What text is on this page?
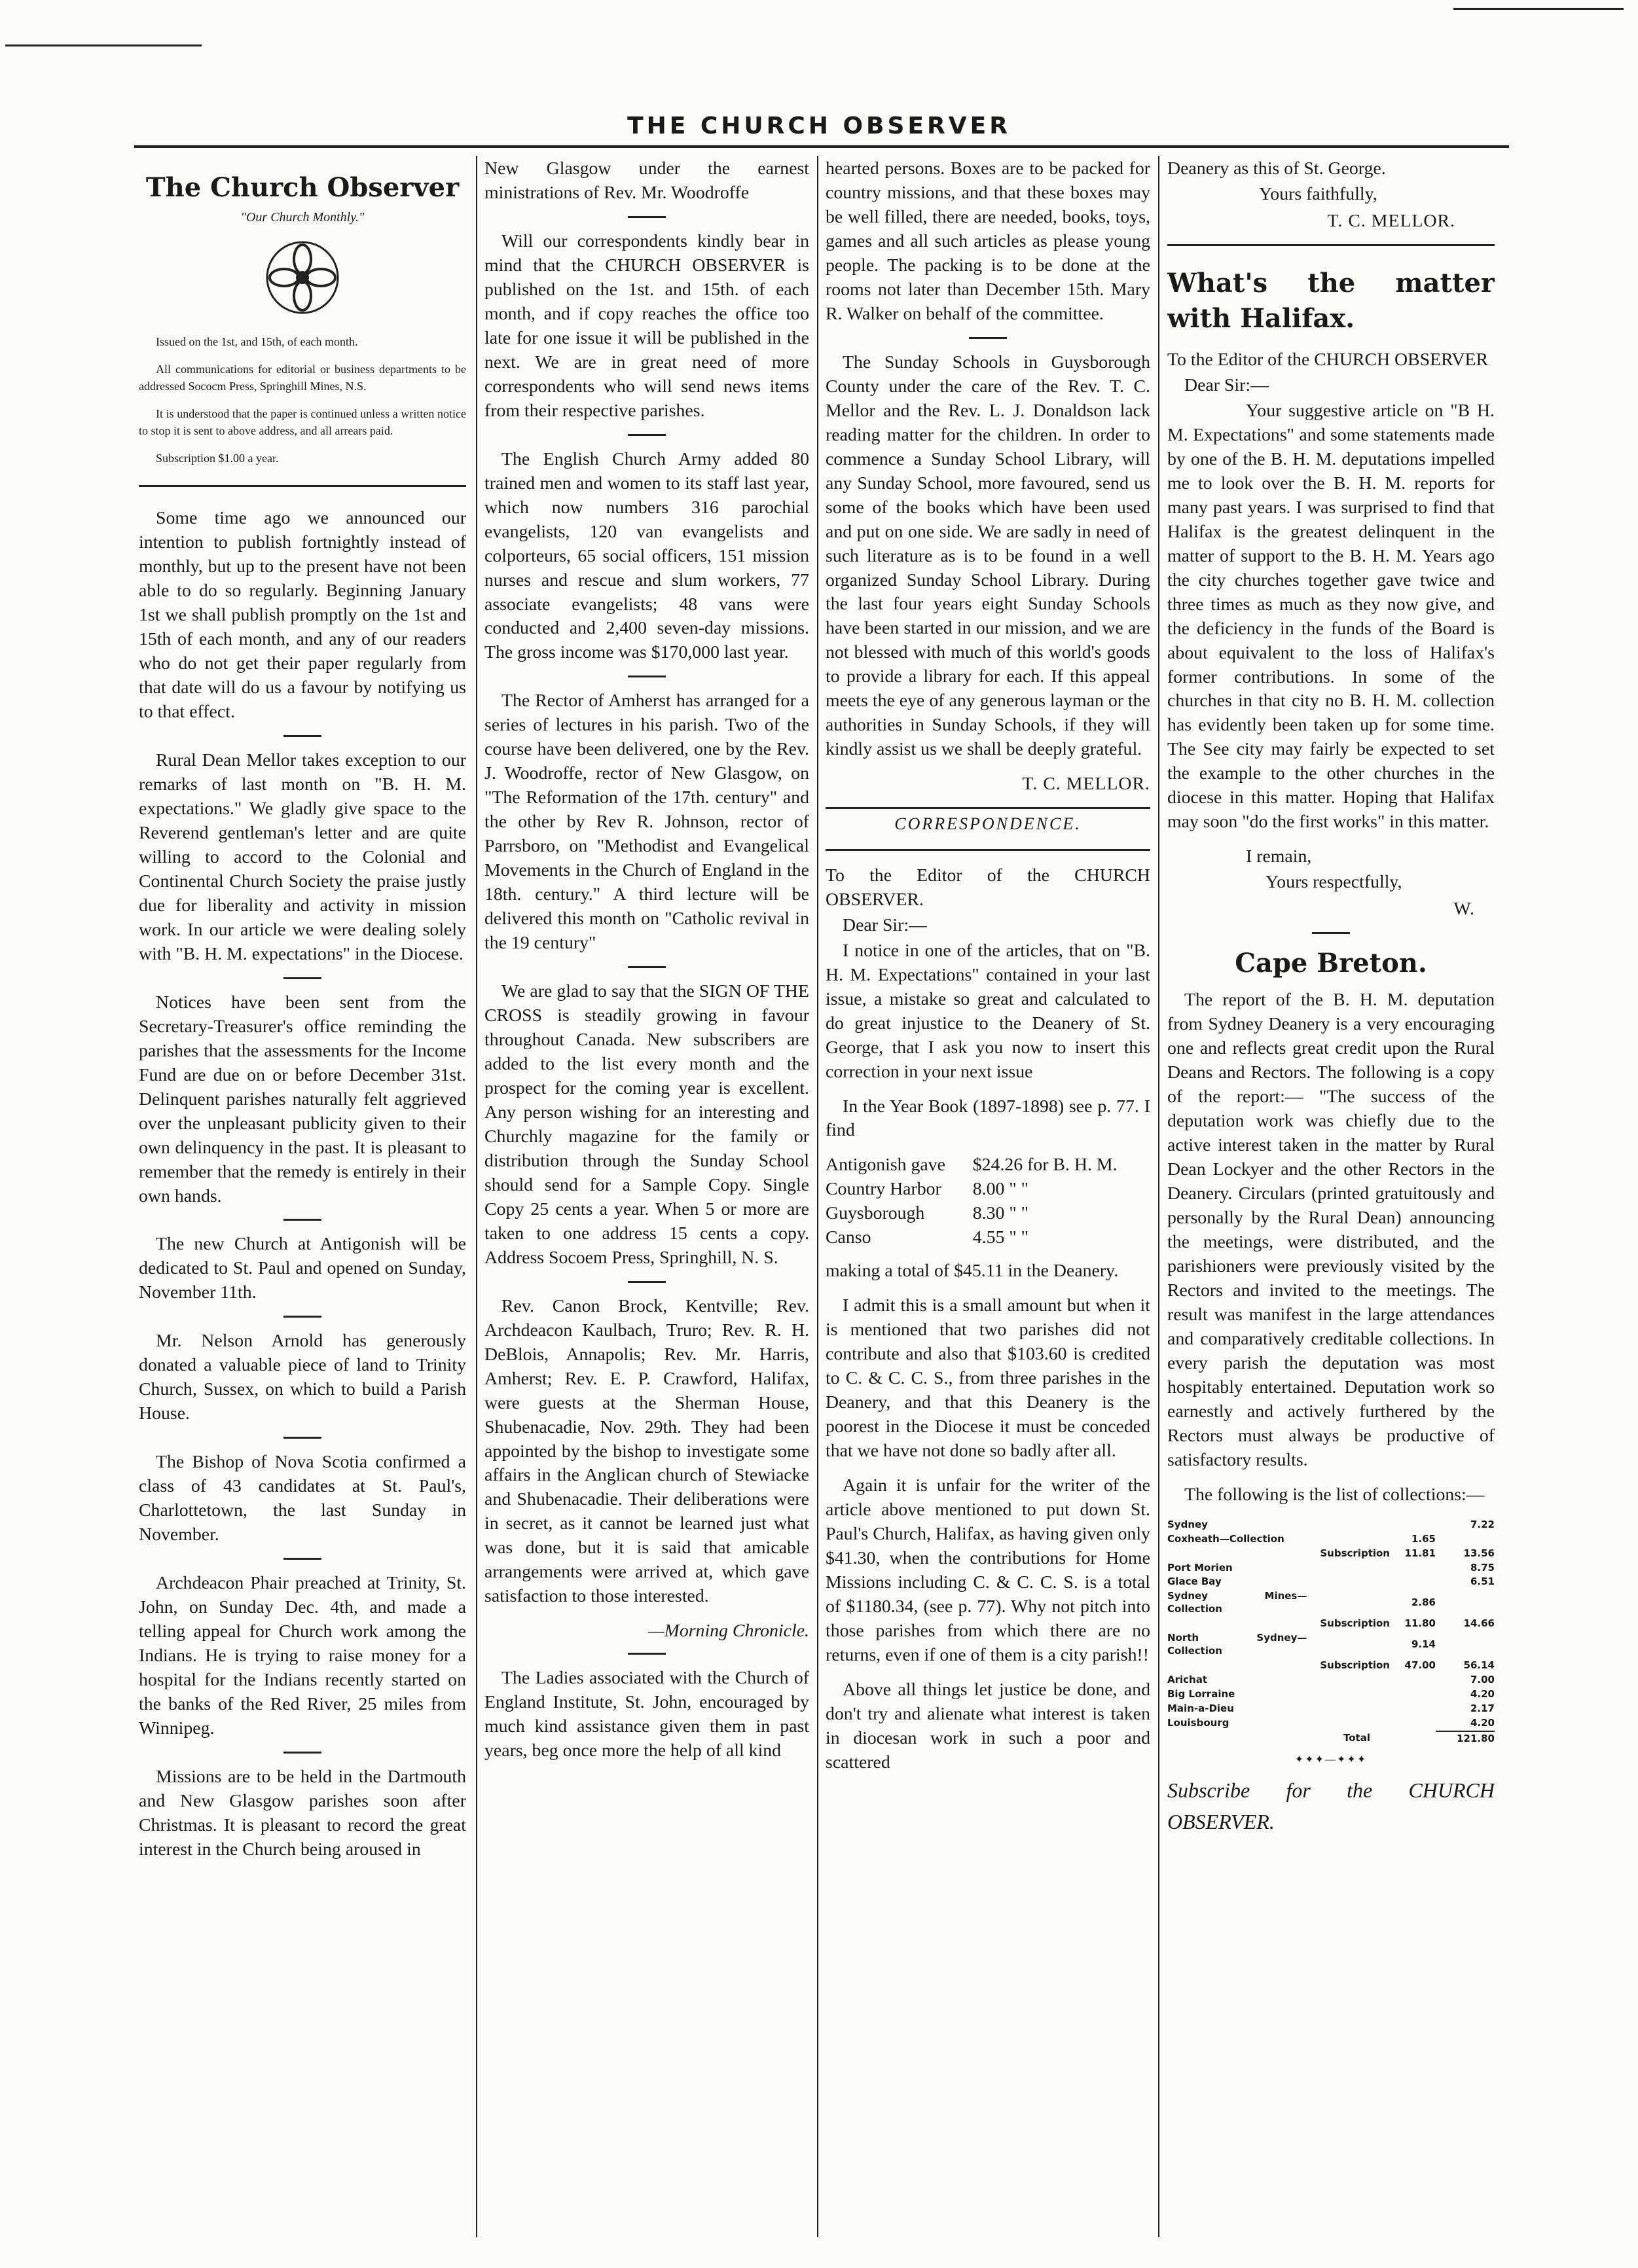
THE CHURCH OBSERVER
The Church Observer
"Our Church Monthly."

Issued on the 1st, and 15th, of each month.

All communications for editorial or business departments to be addressed Sococm Press, Springhill Mines, N.S.

It is understood that the paper is continued unless a written notice to stop it is sent to above address, and all arrears paid.

Subscription $1.00 a year.

Some time ago we announced our intention to publish fortnightly instead of monthly, but up to the present have not been able to do so regularly. Beginning January 1st we shall publish promptly on the 1st and 15th of each month, and any of our readers who do not get their paper regularly from that date will do us a favour by notifying us to that effect.

Rural Dean Mellor takes exception to our remarks of last month on "B. H. M. expectations." We gladly give space to the Reverend gentleman's letter and are quite willing to accord to the Colonial and Continental Church Society the praise justly due for liberality and activity in mission work. In our article we were dealing solely with "B. H. M. expectations" in the Diocese.

Notices have been sent from the Secretary-Treasurer's office reminding the parishes that the assessments for the Income Fund are due on or before December 31st. Delinquent parishes naturally felt aggrieved over the unpleasant publicity given to their own delinquency in the past. It is pleasant to remember that the remedy is entirely in their own hands.

The new Church at Antigonish will be dedicated to St. Paul and opened on Sunday, November 11th.

Mr. Nelson Arnold has generously donated a valuable piece of land to Trinity Church, Sussex, on which to build a Parish House.

The Bishop of Nova Scotia confirmed a class of 43 candidates at St. Paul's, Charlottetown, the last Sunday in November.

Archdeacon Phair preached at Trinity, St. John, on Sunday Dec. 4th, and made a telling appeal for Church work among the Indians. He is trying to raise money for a hospital for the Indians recently started on the banks of the Red River, 25 miles from Winnipeg.

Missions are to be held in the Dartmouth and New Glasgow parishes soon after Christmas. It is pleasant to record the great interest in the Church being aroused in

New Glasgow under the earnest ministrations of Rev. Mr. Woodroffe

Will our correspondents kindly bear in mind that the CHURCH OBSERVER is published on the 1st. and 15th. of each month, and if copy reaches the office too late for one issue it will be published in the next. We are in great need of more correspondents who will send news items from their respective parishes.

The English Church Army added 80 trained men and women to its staff last year, which now numbers 316 parochial evangelists, 120 van evangelists and colporteurs, 65 social officers, 151 mission nurses and rescue and slum workers, 77 associate evangelists; 48 vans were conducted and 2,400 seven-day missions. The gross income was $170,000 last year.

The Rector of Amherst has arranged for a series of lectures in his parish. Two of the course have been delivered, one by the Rev. J. Woodroffe, rector of New Glasgow, on "The Reformation of the 17th. century" and the other by Rev R. Johnson, rector of Parrsboro, on "Methodist and Evangelical Movements in the Church of England in the 18th. century." A third lecture will be delivered this month on "Catholic revival in the 19 century"

We are glad to say that the SIGN OF THE CROSS is steadily growing in favour throughout Canada. New subscribers are added to the list every month and the prospect for the coming year is excellent. Any person wishing for an interesting and Churchly magazine for the family or distribution through the Sunday School should send for a Sample Copy. Single Copy 25 cents a year. When 5 or more are taken to one address 15 cents a copy. Address Socoem Press, Springhill, N. S.

Rev. Canon Brock, Kentville; Rev. Archdeacon Kaulbach, Truro; Rev. R. H. DeBlois, Annapolis; Rev. Mr. Harris, Amherst; Rev. E. P. Crawford, Halifax, were guests at the Sherman House, Shubenacadie, Nov. 29th. They had been appointed by the bishop to investigate some affairs in the Anglican church of Stewiacke and Shubenacadie. Their deliberations were in secret, as it cannot be learned just what was done, but it is said that amicable arrangements were arrived at, which gave satisfaction to those interested.

—Morning Chronicle.

The Ladies associated with the Church of England Institute, St. John, encouraged by much kind assistance given them in past years, beg once more the help of all kind

hearted persons. Boxes are to be packed for country missions, and that these boxes may be well filled, there are needed, books, toys, games and all such articles as please young people. The packing is to be done at the rooms not later than December 15th. Mary R. Walker on behalf of the committee.

The Sunday Schools in Guysborough County under the care of the Rev. T. C. Mellor and the Rev. L. J. Donaldson lack reading matter for the children. In order to commence a Sunday School Library, will any Sunday School, more favoured, send us some of the books which have been used and put on one side. We are sadly in need of such literature as is to be found in a well organized Sunday School Library. During the last four years eight Sunday Schools have been started in our mission, and we are not blessed with much of this world's goods to provide a library for each. If this appeal meets the eye of any generous layman or the authorities in Sunday Schools, if they will kindly assist us we shall be deeply grateful.

T. C. MELLOR.
CORRESPONDENCE.

To the Editor of the CHURCH OBSERVER.

Dear Sir:—

I notice in one of the articles, that on "B. H. M. Expectations" contained in your last issue, a mistake so great and calculated to do great injustice to the Deanery of St. George, that I ask you now to insert this correction in your next issue

In the Year Book (1897-1898) see p. 77. I find

Antigonish gave	$24.26 for B. H. M.
Country Harbor	8.00 " "
Guysborough	8.30 " "
Canso	4.55 " "

making a total of $45.11 in the Deanery.

I admit this is a small amount but when it is mentioned that two parishes did not contribute and also that $103.60 is credited to C. & C. C. S., from three parishes in the Deanery, and that this Deanery is the poorest in the Diocese it must be conceded that we have not done so badly after all.

Again it is unfair for the writer of the article above mentioned to put down St. Paul's Church, Halifax, as having given only $41.30, when the contributions for Home Missions including C. & C. C. S. is a total of $1180.34, (see p. 77). Why not pitch into those parishes from which there are no returns, even if one of them is a city parish!!

Above all things let justice be done, and don't try and alienate what interest is taken in diocesan work in such a poor and scattered

Deanery as this of St. George.

Yours faithfully,

T. C. MELLOR.
What's the matter with Halifax.

To the Editor of the CHURCH OBSERVER

Dear Sir:—

Your suggestive article on "B H. M. Expectations" and some statements made by one of the B. H. M. deputations impelled me to look over the B. H. M. reports for many past years. I was surprised to find that Halifax is the greatest delinquent in the matter of support to the B. H. M. Years ago the city churches together gave twice and three times as much as they now give, and the deficiency in the funds of the Board is about equivalent to the loss of Halifax's former contributions. In some of the churches in that city no B. H. M. collection has evidently been taken up for some time. The See city may fairly be expected to set the example to the other churches in the diocese in this matter. Hoping that Halifax may soon "do the first works" in this matter.

I remain,

Yours respectfully,

W.
Cape Breton.

The report of the B. H. M. deputation from Sydney Deanery is a very encouraging one and reflects great credit upon the Rural Deans and Rectors. The following is a copy of the report:— "The success of the deputation work was chiefly due to the active interest taken in the matter by Rural Dean Lockyer and the other Rectors in the Deanery. Circulars (printed gratuitously and personally by the Rural Dean) announcing the meetings, were distributed, and the parishioners were previously visited by the Rectors and invited to the meetings. The result was manifest in the large attendances and comparatively creditable collections. In every parish the deputation was most hospitably entertained. Deputation work so earnestly and actively furthered by the Rectors must always be productive of satisfactory results.

The following is the list of collections:—

Sydney			7.22
Coxheath—Collection		1.65	
	Subscription	11.81	13.56
Port Morien			8.75
Glace Bay			6.51
Sydney Mines—Collection		2.86	
	Subscription	11.80	14.66
North Sydney—Collection		9.14	
	Subscription	47.00	56.14
Arichat			7.00
Big Lorraine			4.20
Main-a-Dieu			2.17
Louisbourg			4.20
	Total		121.80
✦✦✦—✦✦✦
Subscribe for the CHURCH OBSERVER.
